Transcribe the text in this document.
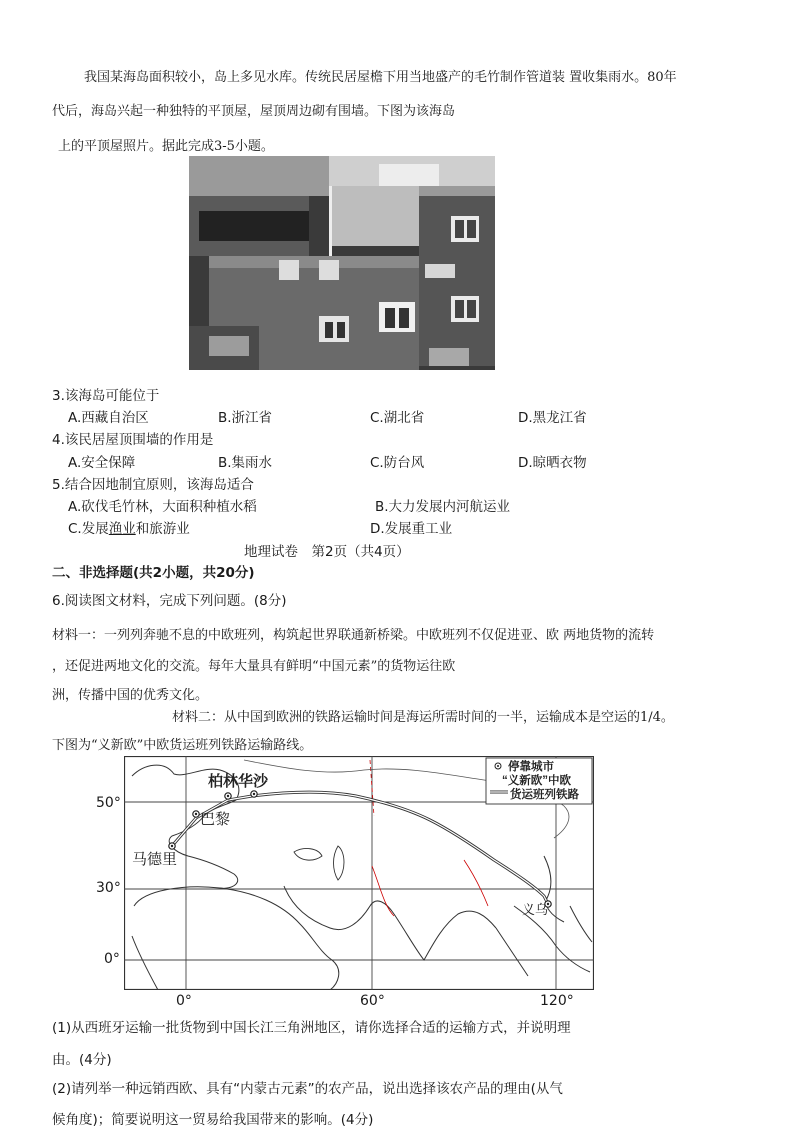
我国某海岛面积较小，岛上多见水库。传统民居屋檐下用当地盛产的毛竹制作管道装 置收集雨水。80年
代后，海岛兴起一种独特的平顶屋，屋顶周边砌有围墙。下图为该海岛
上的平顶屋照片。据此完成3-5小题。
3.该海岛可能位于
A.西藏自治区	B.浙江省	C.湖北省	D.黑龙江省
4.该民居屋顶围墙的作用是
A.安全保障	B.集雨水	C.防台风	D.晾晒衣物
5.结合因地制宜原则，该海岛适合
A.砍伐毛竹林，大面积种植水稻	B.大力发展内河航运业
C.发展渔业和旅游业	D.发展重工业
地理试卷　第2页（共4页）
二、非选择题(共2小题，共20分)
6.阅读图文材料，完成下列问题。(8分)
材料一：一列列奔驰不息的中欧班列，构筑起世界联通新桥梁。中欧班列不仅促进亚、欧 两地货物的流转
，还促进两地文化的交流。每年大量具有鲜明“中国元素”的货物运往欧
洲，传播中国的优秀文化。
材料二：从中国到欧洲的铁路运输时间是海运所需时间的一半，运输成本是空运的1/4。
下图为“义新欧”中欧货运班列铁路运输路线。
柏林华沙
巴黎
马德里
义乌
停靠城市
“义新欧”中欧
货运班列铁路
50°
30°
0°
0°	60°	120°
(1)从西班牙运输一批货物到中国长江三角洲地区，请你选择合适的运输方式，并说明理
由。(4分)
(2)请列举一种远销西欧、具有“内蒙古元素”的农产品，说出选择该农产品的理由(从气
候角度)；简要说明这一贸易给我国带来的影响。(4分)
